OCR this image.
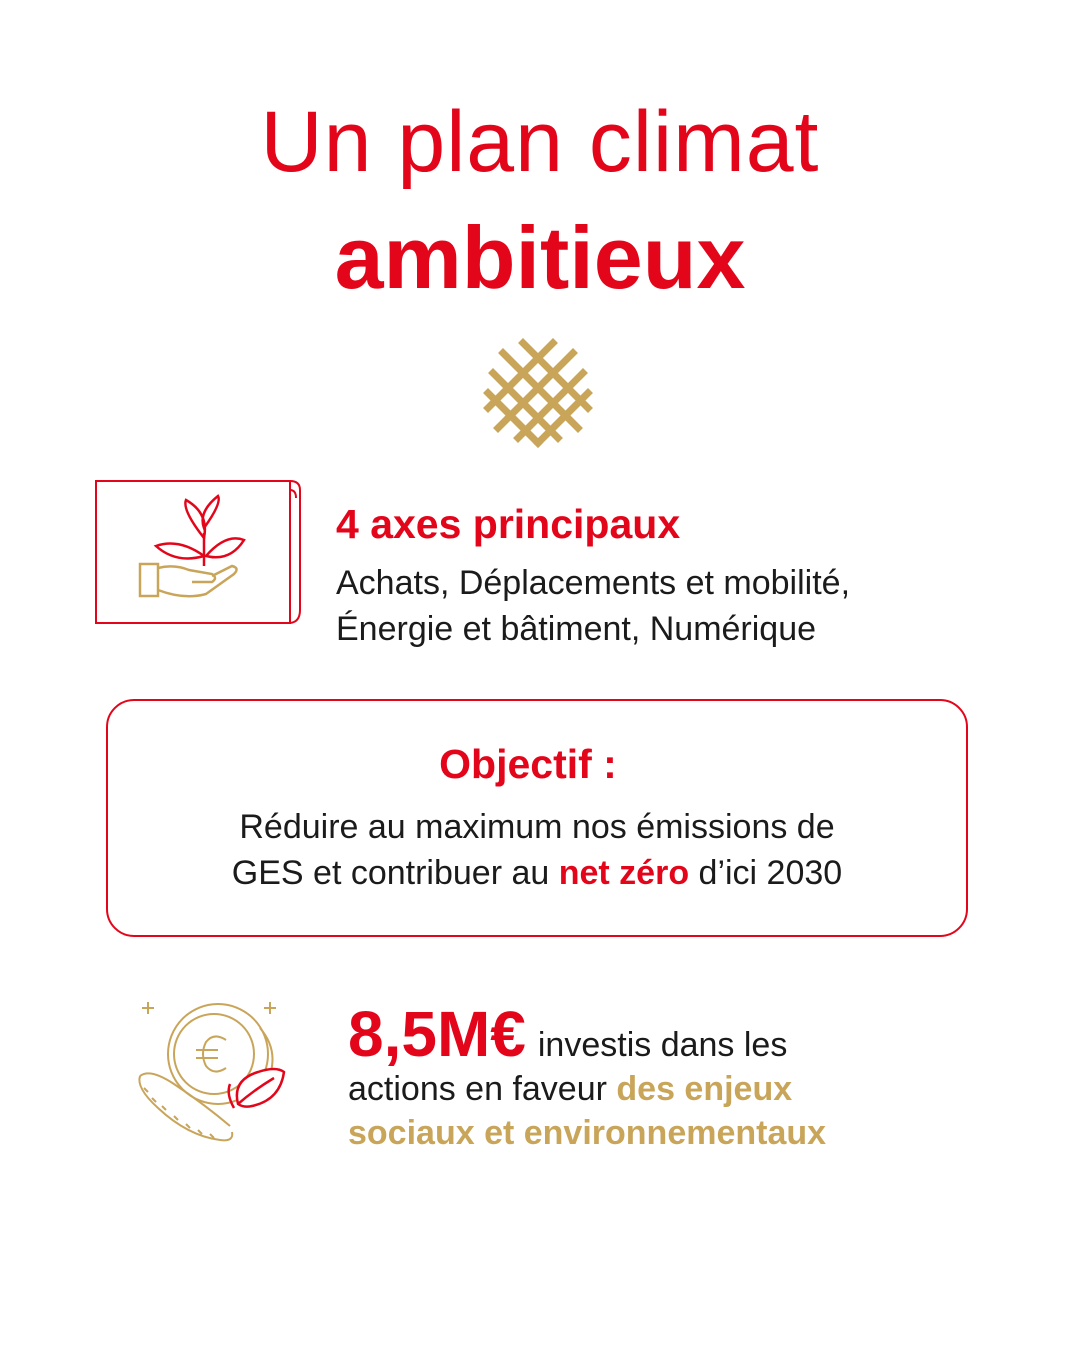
Un plan climat
ambitieux
4 axes principaux
Achats, Déplacements et mobilité,
Énergie et bâtiment, Numérique
Objectif :
Réduire au maximum nos émissions de
GES et contribuer au net zéro d’ici 2030
8,5M€ investis dans les
actions en faveur des enjeux
sociaux et environnementaux
